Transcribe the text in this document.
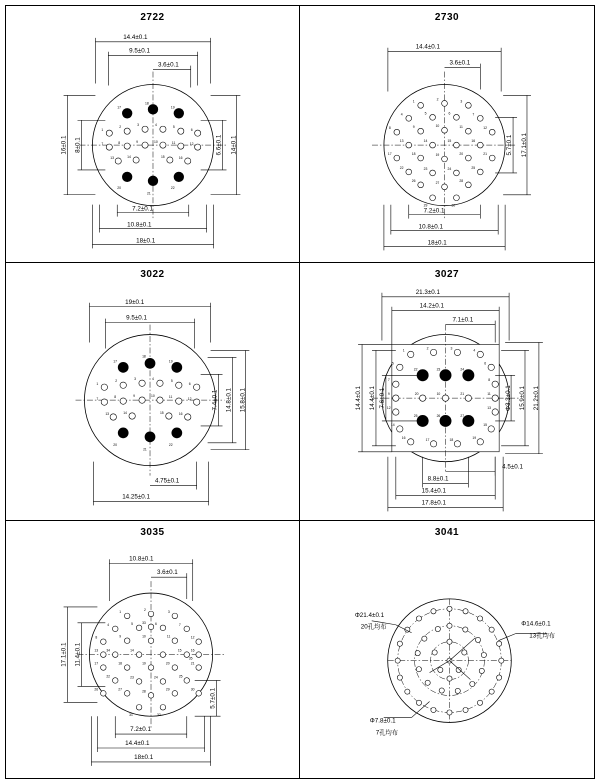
2722
1
2	3	4	5
6
7	8	9	10	11	12
13	14	15	16
17
18
19
20
21
22
14.4±0.1
9.5±0.1
3.6±0.1
16±0.1 8±0.1	6.6±0.1 14±0.1
7.2±0.1
10.8±0.1
18±0.1
2730
1	2	3
4	5	6	7
8	9	10	11	12
13	14	15	16
17	18	19	20	21
22	23	24	25
26	27	28
29	30
14.4±0.1
3.6±0.1
5.7±0.1 17.1±0.1
7.2±0.1
10.8±0.1
18±0.1
3022
1
2	3	4	5
6
7	8	9	10	11	12
13	14	15	16
17
18
19
20
21
22
19±0.1
9.5±0.1
7.4±0.1 14.8±0.1 15.8±0.1
4.75±0.1
14.25±0.1
3027
1	2	3	4
5	6
7	8
9	10	11
12	13
14	15
16	17	18	19
20	21
22	23	24
25	26	27
21.3±0.1
14.2±0.1
7.1±0.1
14.4±0.1 14.4±0.1 7.6±0.1	Φ3.3±0.1 15.9±0.1 21.2±0.1
4.5±0.1
8.8±0.1
15.4±0.1
17.8±0.1
3035
1	2	3
4	5	6	7
8	9	10	11	12
13	14	15	16
17	18	19	20	21
22	23	24	25
26	27	28	29	30
31	32
33
34
35
10.8±0.1
3.6±0.1
17.1±0.1 11.4±0.1
5.7±0.1
7.2±0.1
14.4±0.1
18±0.1
3041
Φ21.4±0.1
20孔均布	Φ14.6±0.1
13孔均布
Φ7.8±0.1
7孔均布
